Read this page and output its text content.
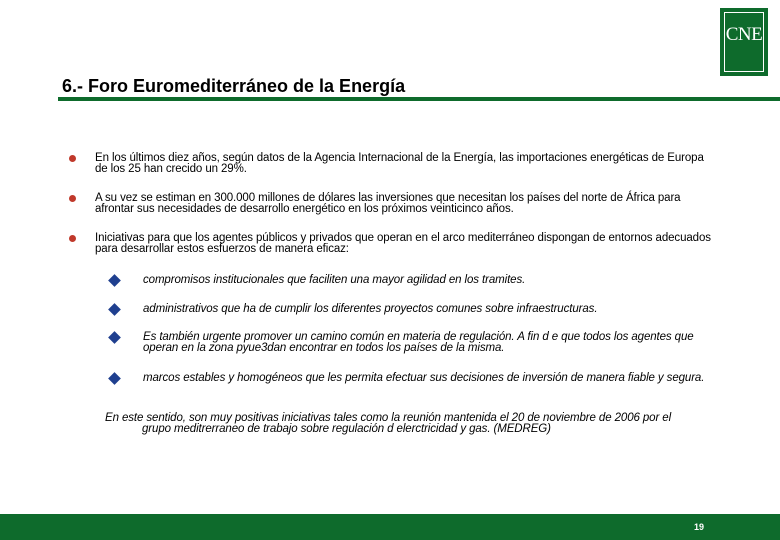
CNE
6.- Foro Euromediterráneo de la Energía
En los últimos diez años, según datos de la Agencia Internacional de la Energía, las importaciones energéticas de Europa de los 25 han crecido un 29%.
A su vez se estiman en 300.000 millones de dólares las inversiones que necesitan los países del norte de África para afrontar sus necesidades de desarrollo energético en los próximos veinticinco años.
Iniciativas para que los agentes públicos y privados que operan en el arco mediterráneo dispongan de entornos adecuados para desarrollar estos esfuerzos de manera eficaz:
compromisos institucionales que faciliten una mayor agilidad en los tramites.
administrativos que ha de cumplir los diferentes proyectos comunes sobre infraestructuras.
Es también urgente promover un camino común en materia de regulación. A fin d e que todos los agentes que operan en la zona pyue3dan encontrar en todos los países de la misma.
marcos estables y homogéneos que les permita efectuar sus decisiones de inversión de manera fiable y segura.
En este sentido, son muy positivas iniciativas tales como la reunión mantenida el 20 de noviembre de 2006 por el
grupo meditrerraneo de trabajo sobre regulación d elerctricidad y gas. (MEDREG)
19
